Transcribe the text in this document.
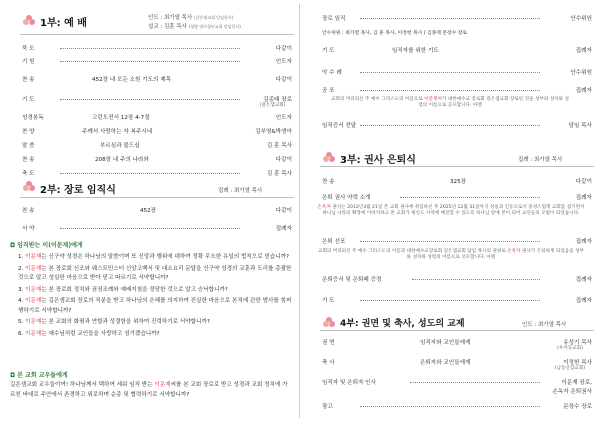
1부: 예 배	인도 : 최가열 목사 (갈은샘교회 담임목사)
설교 : 김훈 목사 (청량 영아청년교회 담임목사)
묵 도	다같이
기 원	인도자
찬 송	452장 내 모든 소원 기도의 제목	다같이
기 도	김종태 장로
(갈은샘교회)
성경봉독	고린도전서 12장 4-7절	인도자
찬 양	주께서 사랑하는 자 복주시네	김부영&박생아
말 씀	부르심과 불드심	김 훈 목사
찬 송	208장 내 주의 나라와	다같이
축 도	김 훈 목사
2부: 장로 임직식	집례 : 최가열 목사
찬 송	452장	다같이
서 약	집례자
◘ 임직받는 이(이문재)에게

1. 이문재는 신구약 성경은 하나님의 말씀이며 또 신앙과 행위에 대하여 정확 무오한 유일의 법칙으로 믿습니까?

2. 이문재는 본 장로회 신조와 웨스트민스터 신앙고백서 및 대소요리 문답을 신구약 성경의 교훈과 도리를 총괄한 것으로 알고 성실한 마음으로 받아 믿고 따르기로 서약합니까?

3. 이문재는 본 장로회 정치와 권징조례와 예배지침을 정당한 것으로 알고 승낙합니까?

4. 이문재는 길은샘교회 장로의 직분을 받고 하나님의 은혜를 의지하여 진실한 마음으로 본직에 관한 범사를 힘써 행하기로 서약합니까?

5. 이문재는 본 교회의 화평과 연합과 성결함을 위하여 진력하기로 서약합니까?

6. 이문재는 예수님처럼 교인들을 사랑하고 섬기겠습니까?

◘ 본 교회 교우들에게

길은샘교회 교우들이여! 하나님께서 택하여 세워 임직 받는 이문재씨를 본 교회 장로로 받고 성경과 교회 정치에 가르친 바대로 주안에서 존경하고 위로하며 순종 및 협력하기로 서약합니까?

장로 임직	안수위원
안수위원 : 최가열 목사, 김 훈 목사, 이정헌 목사 / 김종태 문장수 장로
기 도	임직자를 위한 기도	집례자
악 수 례	안수위원
공 포	집례자
교회의 머리되신 주 예수 그리스도의 이름으로 이문재씨가 대한예수교 장로회 길은샘교회 장로된 것을 성부와 성자와 성령의 이름으로 공포합니다. 아멘
임직증서 전달	담임 목사
3부: 권사 은퇴식	집례 : 최가열 목사
찬 송	325장	다같이
은퇴 권사 약력 소개	집례자
손옥자 권사는 2012년3월 21일 본 교회 권사에 취임하신 후 2025년 12월 31일까지 성실과 인동으로서 충성스럽게 교회를 섬기면서 하나님 나라의 확장에 이바지하고 본 교회가 평신도 사역에 매진할 수 있도록 하나님 앞에 본이 되어 교인들의 모범이 되었습니다.
은퇴 선포	집례자
교회의 머리되신 주 예수 그리스도의 이름과 대한예수교장로회 길은샘교회 담임 목사의 권위로 손옥자 권사가 은퇴하게 되었음을 성부와 성자와 성령의 이름으로 선포합니다. 아멘
은퇴증서 및 은퇴패 증정	집례자
기 도	집례자
4부: 권면 및 축사, 성도의 교제	인도 : 최가열 목사
권 면	임직자와 교인들에게	유성기 목사
(우이동교회)
축 사	은퇴자와 교인들에게	이정헌 목사
(남동산감교회)
임직자 및 은퇴자 인사	이문재 장로,
손옥자 은퇴권사
광고	문장수 장로
